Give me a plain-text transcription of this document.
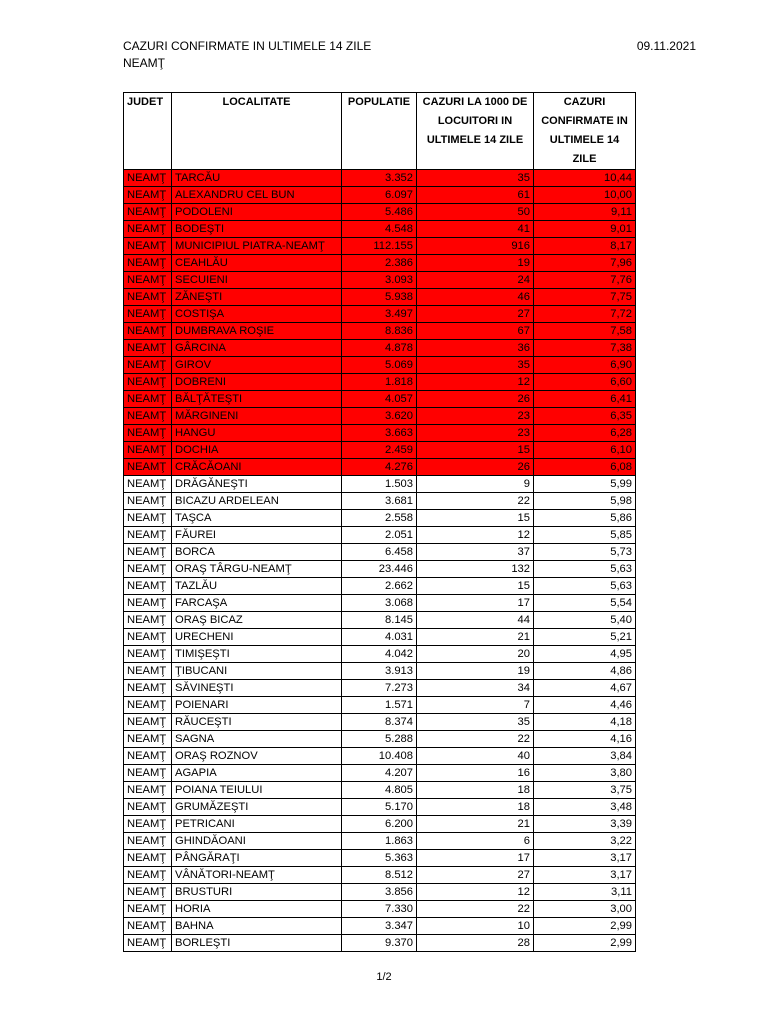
CAZURI CONFIRMATE IN ULTIMELE 14 ZILE
NEAMŢ
09.11.2021
JUDET	LOCALITATE	POPULATIE	CAZURI LA 1000 DE LOCUITORI IN ULTIMELE 14 ZILE	CAZURI CONFIRMATE IN ULTIMELE 14 ZILE
NEAMŢ	TARCĂU	3.352	35	10,44
NEAMŢ	ALEXANDRU CEL BUN	6.097	61	10,00
NEAMŢ	PODOLENI	5.486	50	9,11
NEAMŢ	BODEŞTI	4.548	41	9,01
NEAMŢ	MUNICIPIUL PIATRA-NEAMŢ	112.155	916	8,17
NEAMŢ	CEAHLĂU	2.386	19	7,96
NEAMŢ	SECUIENI	3.093	24	7,76
NEAMŢ	ZĂNEŞTI	5.938	46	7,75
NEAMŢ	COSTIŞA	3.497	27	7,72
NEAMŢ	DUMBRAVA ROŞIE	8.836	67	7,58
NEAMŢ	GÂRCINA	4.878	36	7,38
NEAMŢ	GIROV	5.069	35	6,90
NEAMŢ	DOBRENI	1.818	12	6,60
NEAMŢ	BĂLŢĂTEŞTI	4.057	26	6,41
NEAMŢ	MĂRGINENI	3.620	23	6,35
NEAMŢ	HANGU	3.663	23	6,28
NEAMŢ	DOCHIA	2.459	15	6,10
NEAMŢ	CRĂCĂOANI	4.276	26	6,08
NEAMŢ	DRĂGĂNEŞTI	1.503	9	5,99
NEAMŢ	BICAZU ARDELEAN	3.681	22	5,98
NEAMŢ	TAŞCA	2.558	15	5,86
NEAMŢ	FĂUREI	2.051	12	5,85
NEAMŢ	BORCA	6.458	37	5,73
NEAMŢ	ORAŞ TÂRGU-NEAMŢ	23.446	132	5,63
NEAMŢ	TAZLĂU	2.662	15	5,63
NEAMŢ	FARCAŞA	3.068	17	5,54
NEAMŢ	ORAŞ BICAZ	8.145	44	5,40
NEAMŢ	URECHENI	4.031	21	5,21
NEAMŢ	TIMIŞEŞTI	4.042	20	4,95
NEAMŢ	ŢIBUCANI	3.913	19	4,86
NEAMŢ	SĂVINEŞTI	7.273	34	4,67
NEAMŢ	POIENARI	1.571	7	4,46
NEAMŢ	RĂUCEŞTI	8.374	35	4,18
NEAMŢ	SAGNA	5.288	22	4,16
NEAMŢ	ORAŞ ROZNOV	10.408	40	3,84
NEAMŢ	AGAPIA	4.207	16	3,80
NEAMŢ	POIANA TEIULUI	4.805	18	3,75
NEAMŢ	GRUMĂZEŞTI	5.170	18	3,48
NEAMŢ	PETRICANI	6.200	21	3,39
NEAMŢ	GHINDĂOANI	1.863	6	3,22
NEAMŢ	PÂNGĂRAŢI	5.363	17	3,17
NEAMŢ	VÂNĂTORI-NEAMŢ	8.512	27	3,17
NEAMŢ	BRUSTURI	3.856	12	3,11
NEAMŢ	HORIA	7.330	22	3,00
NEAMŢ	BAHNA	3.347	10	2,99
NEAMŢ	BORLEŞTI	9.370	28	2,99
1/2
